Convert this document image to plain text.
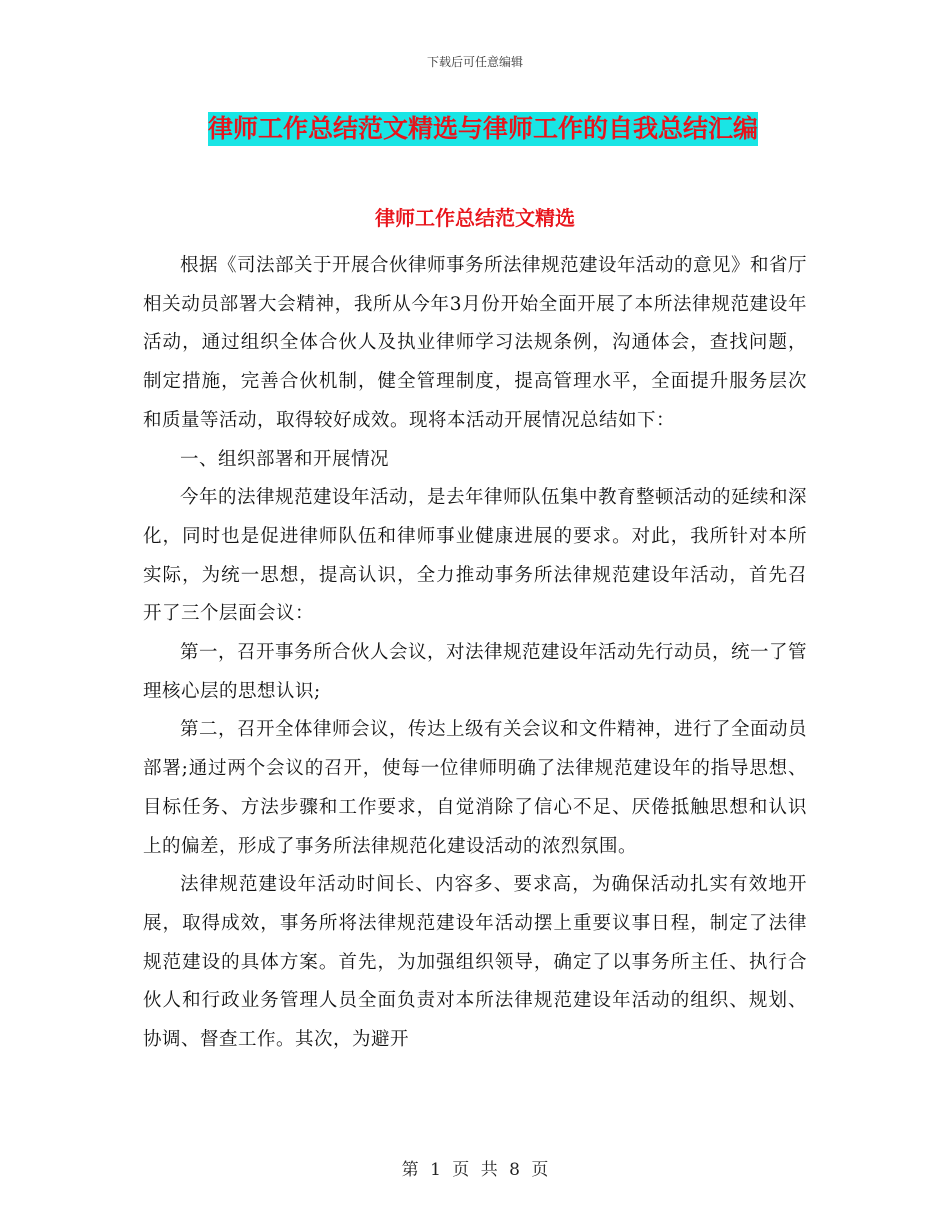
下载后可任意编辑
律师工作总结范文精选与律师工作的自我总结汇编
律师工作总结范文精选

根据《司法部关于开展合伙律师事务所法律规范建设年活动的意见》和省厅相关动员部署大会精神，我所从今年3月份开始全面开展了本所法律规范建设年活动，通过组织全体合伙人及执业律师学习法规条例，沟通体会，查找问题，制定措施，完善合伙机制，健全管理制度，提高管理水平，全面提升服务层次和质量等活动，取得较好成效。现将本活动开展情况总结如下：

一、组织部署和开展情况

今年的法律规范建设年活动，是去年律师队伍集中教育整顿活动的延续和深化，同时也是促进律师队伍和律师事业健康进展的要求。对此，我所针对本所实际，为统一思想，提高认识，全力推动事务所法律规范建设年活动，首先召开了三个层面会议：

第一，召开事务所合伙人会议，对法律规范建设年活动先行动员，统一了管理核心层的思想认识;

第二，召开全体律师会议，传达上级有关会议和文件精神，进行了全面动员部署;通过两个会议的召开，使每一位律师明确了法律规范建设年的指导思想、目标任务、方法步骤和工作要求，自觉消除了信心不足、厌倦抵触思想和认识上的偏差，形成了事务所法律规范化建设活动的浓烈氛围。

法律规范建设年活动时间长、内容多、要求高，为确保活动扎实有效地开展，取得成效，事务所将法律规范建设年活动摆上重要议事日程，制定了法律规范建设的具体方案。首先，为加强组织领导，确定了以事务所主任、执行合伙人和行政业务管理人员全面负责对本所法律规范建设年活动的组织、规划、协调、督查工作。其次，为避开

第 1 页 共 8 页
